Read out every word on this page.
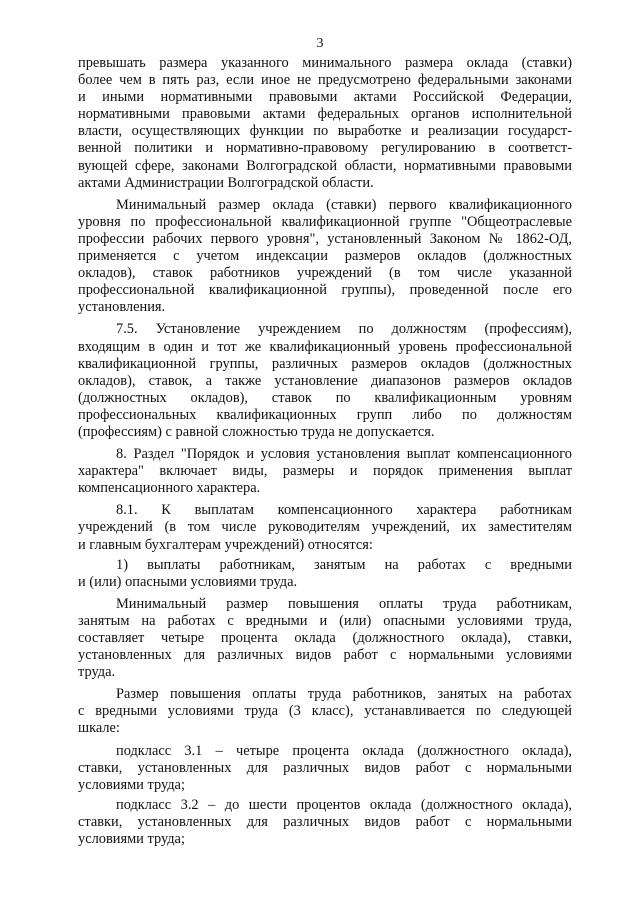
3
превышать размера указанного минимального размера оклада (ставки)
более чем в пять раз, если иное не предусмотрено федеральными законами
и иными нормативными правовыми актами Российской Федерации,
нормативными правовыми актами федеральных органов исполнительной
власти, осуществляющих функции по выработке и реализации государст-
венной политики и нормативно-правовому регулированию в соответст-
вующей сфере, законами Волгоградской области, нормативными правовыми
актами Администрации Волгоградской области.
Минимальный размер оклада (ставки) первого квалификационного
уровня по профессиональной квалификационной группе "Общеотраслевые
профессии рабочих первого уровня", установленный Законом № 1862-ОД,
применяется с учетом индексации размеров окладов (должностных
окладов), ставок работников учреждений (в том числе указанной
профессиональной квалификационной группы), проведенной после его
установления.
7.5. Установление учреждением по должностям (профессиям),
входящим в один и тот же квалификационный уровень профессиональной
квалификационной группы, различных размеров окладов (должностных
окладов), ставок, а также установление диапазонов размеров окладов
(должностных окладов), ставок по квалификационным уровням
профессиональных квалификационных групп либо по должностям
(профессиям) с равной сложностью труда не допускается.
8. Раздел "Порядок и условия установления выплат компенсационного
характера" включает виды, размеры и порядок применения выплат
компенсационного характера.
8.1. К выплатам компенсационного характера работникам
учреждений (в том числе руководителям учреждений, их заместителям
и главным бухгалтерам учреждений) относятся:
1) выплаты работникам, занятым на работах с вредными
и (или) опасными условиями труда.
Минимальный размер повышения оплаты труда работникам,
занятым на работах с вредными и (или) опасными условиями труда,
составляет четыре процента оклада (должностного оклада), ставки,
установленных для различных видов работ с нормальными условиями
труда.
Размер повышения оплаты труда работников, занятых на работах
с вредными условиями труда (3 класс), устанавливается по следующей
шкале:
подкласс 3.1 – четыре процента оклада (должностного оклада),
ставки, установленных для различных видов работ с нормальными
условиями труда;
подкласс 3.2 – до шести процентов оклада (должностного оклада),
ставки, установленных для различных видов работ с нормальными
условиями труда;
